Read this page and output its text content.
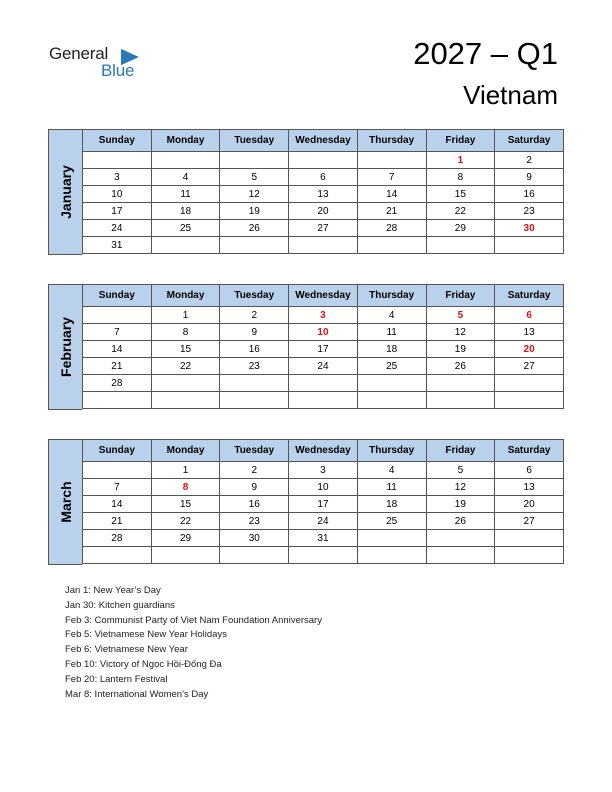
General
Blue	2027 – Q1
Vietnam
January
Sunday	Monday	Tuesday	Wednesday	Thursday	Friday	Saturday
					1	2
3	4	5	6	7	8	9
10	11	12	13	14	15	16
17	18	19	20	21	22	23
24	25	26	27	28	29	30
31						
February
Sunday	Monday	Tuesday	Wednesday	Thursday	Friday	Saturday
	1	2	3	4	5	6
7	8	9	10	11	12	13
14	15	16	17	18	19	20
21	22	23	24	25	26	27
28						

March
Sunday	Monday	Tuesday	Wednesday	Thursday	Friday	Saturday
	1	2	3	4	5	6
7	8	9	10	11	12	13
14	15	16	17	18	19	20
21	22	23	24	25	26	27
28	29	30	31			

Jan 1: New Year’s Day
Jan 30: Kitchen guardians
Feb 3: Communist Party of Viet Nam Foundation Anniversary
Feb 5: Vietnamese New Year Holidays
Feb 6: Vietnamese New Year
Feb 10: Victory of Ngọc Hồi-Đống Đa
Feb 20: Lantern Festival
Mar 8: International Women’s Day
